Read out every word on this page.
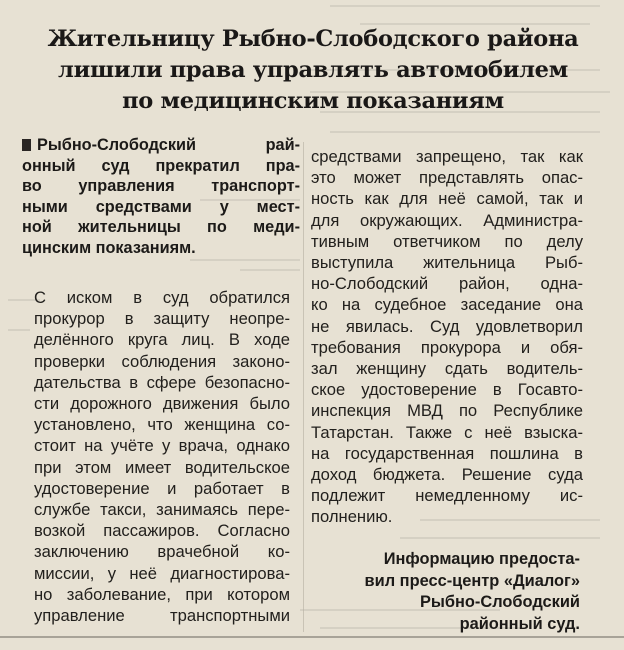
Жительницу Рыбно-Слободского района
лишили права управлять автомобилем
по медицинским показаниям
Рыбно-Слободский рай-
онный суд прекратил пра-
во управления транспорт-
ными средствами у мест-
ной жительницы по меди-
цинским показаниям.
С иском в суд обратился
прокурор в защиту неопре-
делённого круга лиц. В ходе
проверки соблюдения законо-
дательства в сфере безопасно-
сти дорожного движения было
установлено, что женщина со-
стоит на учёте у врача, однако
при этом имеет водительское
удостоверение и работает в
службе такси, занимаясь пере-
возкой пассажиров. Согласно
заключению врачебной ко-
миссии, у неё диагностирова-
но заболевание, при котором
управление транспортными
средствами запрещено, так как
это может представлять опас-
ность как для неё самой, так и
для окружающих. Администра-
тивным ответчиком по делу
выступила жительница Рыб-
но-Слободский район, одна-
ко на судебное заседание она
не явилась. Суд удовлетворил
требования прокурора и обя-
зал женщину сдать водитель-
ское удостоверение в Госавто-
инспекция МВД по Республике
Татарстан. Также с неё взыска-
на государственная пошлина в
доход бюджета. Решение суда
подлежит немедленному ис-
полнению.
Информацию предоста-
вил пресс-центр «Диалог»
Рыбно-Слободский
районный суд.
